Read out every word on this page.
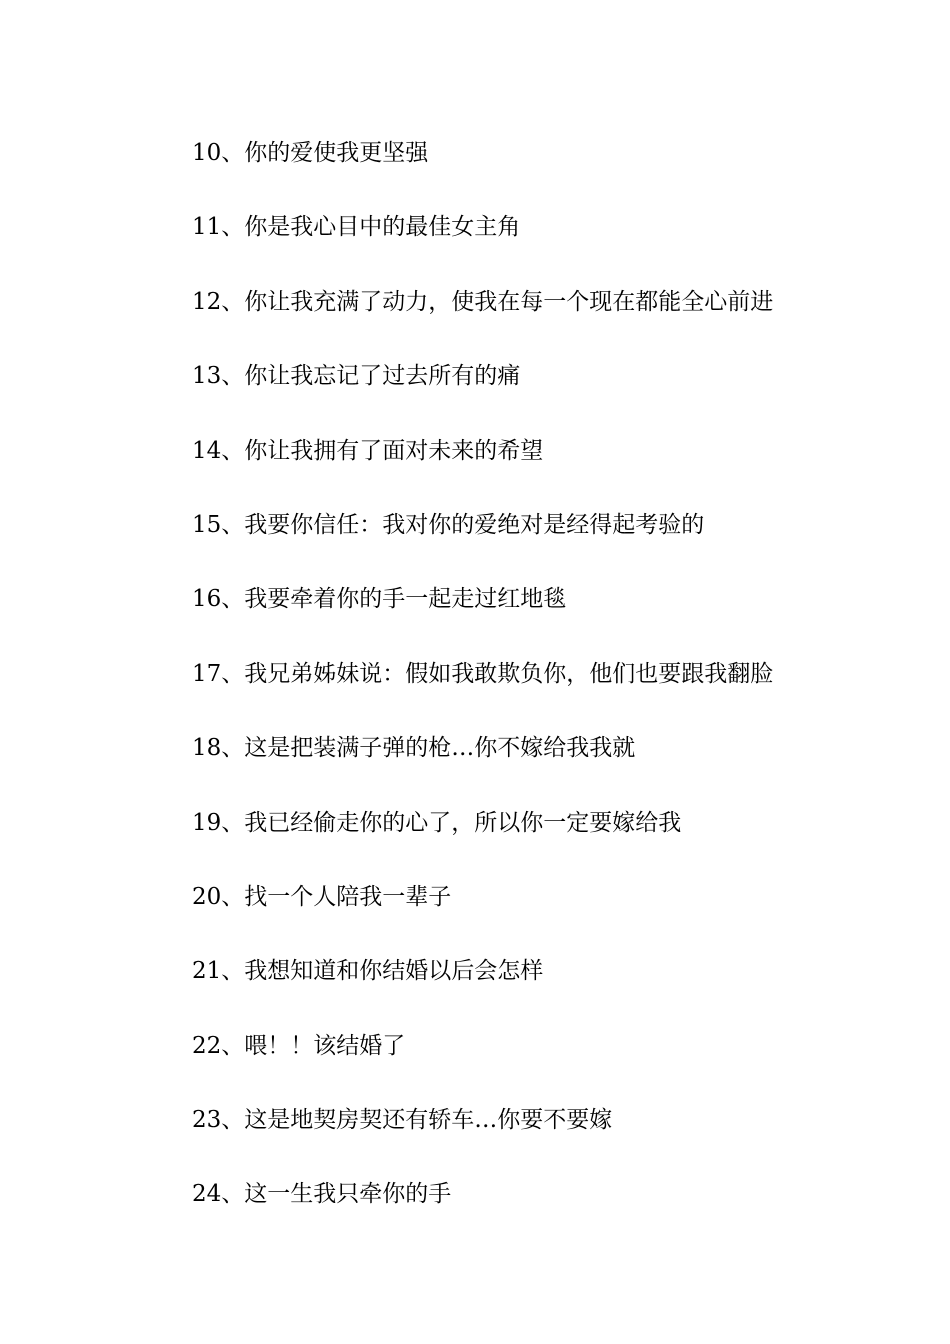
10、你的爱使我更坚强
11、你是我心目中的最佳女主角
12、你让我充满了动力，使我在每一个现在都能全心前进
13、你让我忘记了过去所有的痛
14、你让我拥有了面对未来的希望
15、我要你信任：我对你的爱绝对是经得起考验的
16、我要牵着你的手一起走过红地毯
17、我兄弟姊妹说：假如我敢欺负你，他们也要跟我翻脸
18、这是把装满子弹的枪…你不嫁给我我就
19、我已经偷走你的心了，所以你一定要嫁给我
20、找一个人陪我一辈子
21、我想知道和你结婚以后会怎样
22、喂！！该结婚了
23、这是地契房契还有轿车…你要不要嫁
24、这一生我只牵你的手
